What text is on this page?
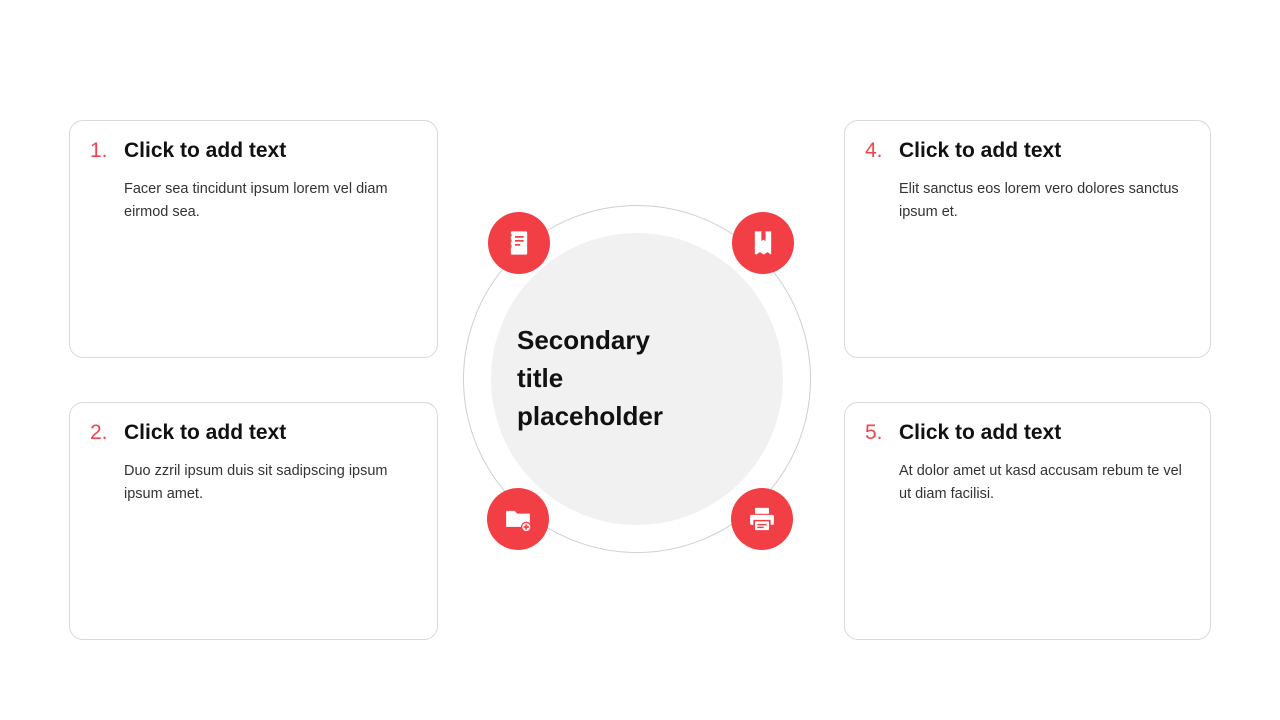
1. Click to add text
Facer sea tincidunt ipsum lorem vel diam eirmod sea.
2. Click to add text
Duo zzril ipsum duis sit sadipscing ipsum ipsum amet.
4. Click to add text
Elit sanctus eos lorem vero dolores sanctus ipsum et.
5. Click to add text
At dolor amet ut kasd accusam rebum te vel ut diam facilisi.
Secondary title placeholder
